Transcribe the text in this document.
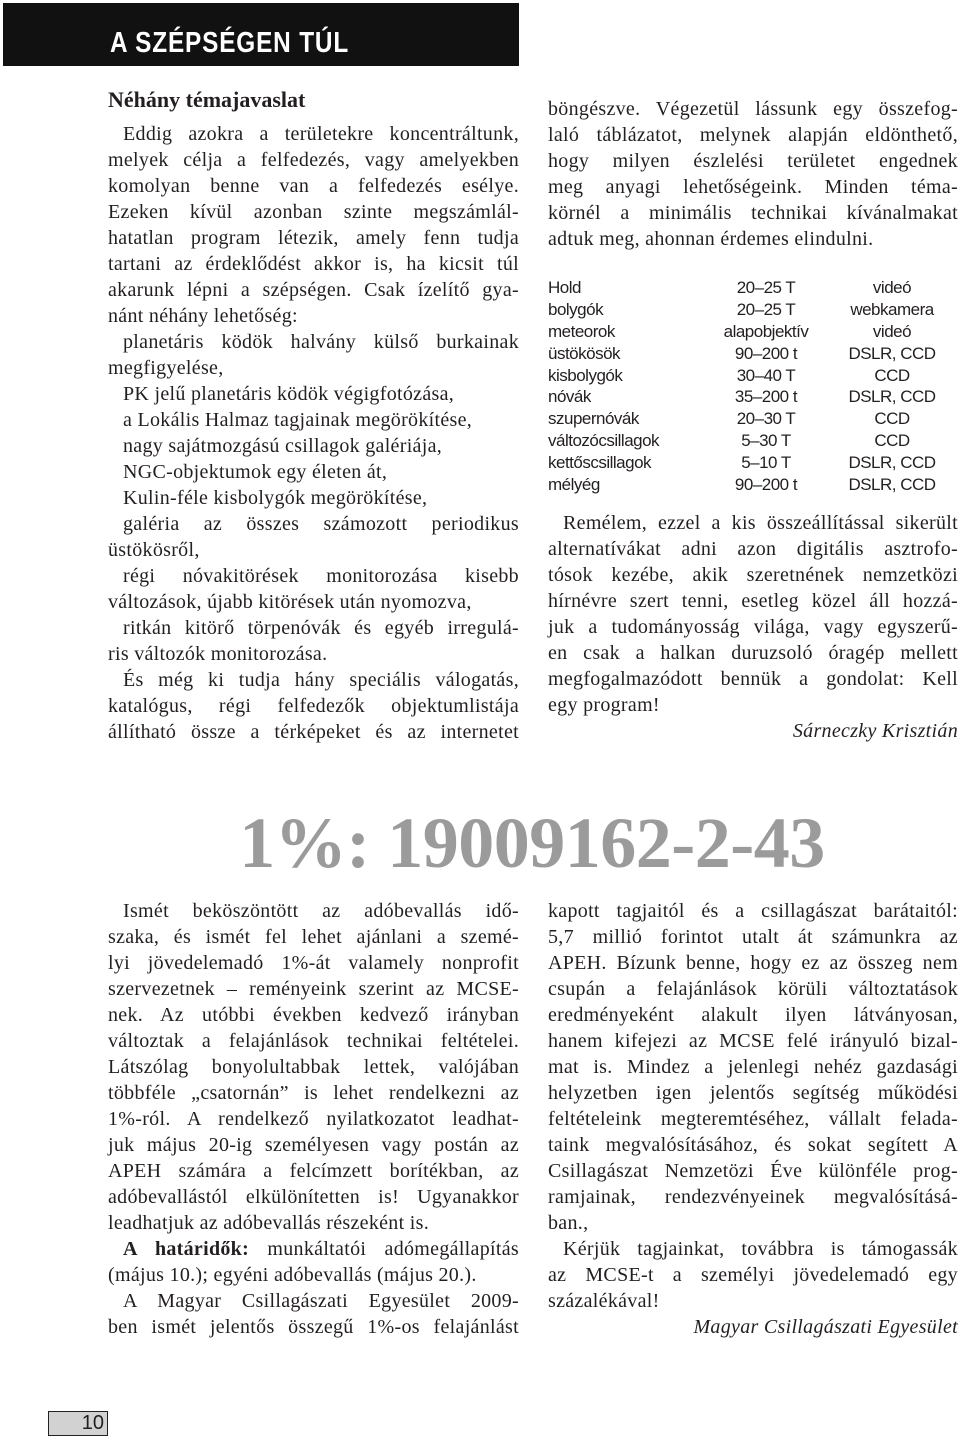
A SZÉPSÉGEN TÚL
Néhány témajavaslat
Eddig azokra a területekre koncentráltunk,
melyek célja a felfedezés, vagy amelyekben
komolyan benne van a felfedezés esélye.
Ezeken kívül azonban szinte megszámlál-
hatatlan program létezik, amely fenn tudja
tartani az érdeklődést akkor is, ha kicsit túl
akarunk lépni a szépségen. Csak ízelítő gya-
nánt néhány lehetőség:
planetáris ködök halvány külső burkainak
megfigyelése,
PK jelű planetáris ködök végigfotózása,
a Lokális Halmaz tagjainak megörökítése,
nagy sajátmozgású csillagok galériája,
NGC-objektumok egy életen át,
Kulin-féle kisbolygók megörökítése,
galéria az összes számozott periodikus
üstökösről,
régi nóvakitörések monitorozása kisebb
változások, újabb kitörések után nyomozva,
ritkán kitörő törpenóvák és egyéb irregulá-
ris változók monitorozása.
És még ki tudja hány speciális válogatás,
katalógus, régi felfedezők objektumlistája
állítható össze a térképeket és az internetet
böngészve. Végezetül lássunk egy összefog-
laló táblázatot, melynek alapján eldönthető,
hogy milyen észlelési területet engednek
meg anyagi lehetőségeink. Minden téma-
körnél a minimális technikai kívánalmakat
adtuk meg, ahonnan érdemes elindulni.
Hold	20–25 T	videó
bolygók	20–25 T	webkamera
meteorok	alapobjektív	videó
üstökösök	90–200 t	DSLR, CCD
kisbolygók	30–40 T	CCD
nóvák	35–200 t	DSLR, CCD
szupernóvák	20–30 T	CCD
változócsillagok	5–30 T	CCD
kettőscsillagok	5–10 T	DSLR, CCD
mélyég	90–200 t	DSLR, CCD
Remélem, ezzel a kis összeállítással sikerült
alternatívákat adni azon digitális asztrofo-
tósok kezébe, akik szeretnének nemzetközi
hírnévre szert tenni, esetleg közel áll hozzá-
juk a tudományosság világa, vagy egyszerű-
en csak a halkan duruzsoló óragép mellett
megfogalmazódott bennük a gondolat: Kell
egy program!
Sárneczky Krisztián
1%: 19009162-2-43
Ismét beköszöntött az adóbevallás idő-
szaka, és ismét fel lehet ajánlani a szemé-
lyi jövedelemadó 1%-át valamely nonprofit
szervezetnek – reményeink szerint az MCSE-
nek. Az utóbbi években kedvező irányban
változtak a felajánlások technikai feltételei.
Látszólag bonyolultabbak lettek, valójában
többféle „csatornán” is lehet rendelkezni az
1%-ról. A rendelkező nyilatkozatot leadhat-
juk május 20-ig személyesen vagy postán az
APEH számára a felcímzett borítékban, az
adóbevallástól elkülönítetten is! Ugyanakkor
leadhatjuk az adóbevallás részeként is.
A határidők: munkáltatói adómegállapítás
(május 10.); egyéni adóbevallás (május 20.).
A Magyar Csillagászati Egyesület 2009-
ben ismét jelentős összegű 1%-os felajánlást
kapott tagjaitól és a csillagászat barátaitól:
5,7 millió forintot utalt át számunkra az
APEH. Bízunk benne, hogy ez az összeg nem
csupán a felajánlások körüli változtatások
eredményeként alakult ilyen látványosan,
hanem kifejezi az MCSE felé irányuló bizal-
mat is. Mindez a jelenlegi nehéz gazdasági
helyzetben igen jelentős segítség működési
feltételeink megteremtéséhez, vállalt felada-
taink megvalósításához, és sokat segített A
Csillagászat Nemzetözi Éve különféle prog-
ramjainak, rendezvényeinek megvalósításá-
ban.,
Kérjük tagjainkat, továbbra is támogassák
az MCSE-t a személyi jövedelemadó egy
százalékával!
Magyar Csillagászati Egyesület
10
